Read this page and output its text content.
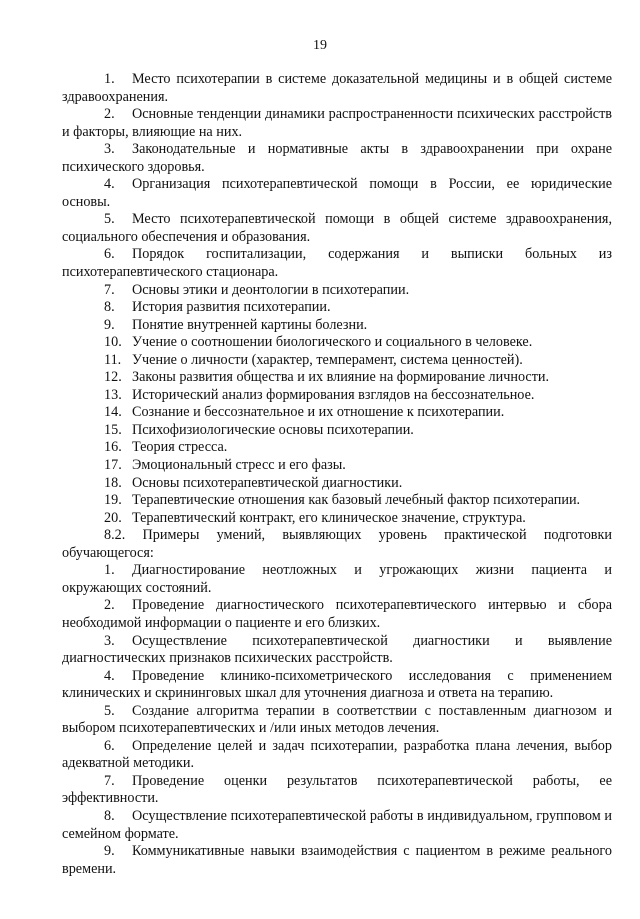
19

1. Место психотерапии в системе доказательной медицины и в общей системе здравоохранения.

2. Основные тенденции динамики распространенности психических расстройств и факторы, влияющие на них.

3. Законодательные и нормативные акты в здравоохранении при охране психического здоровья.

4. Организация психотерапевтической помощи в России, ее юридические основы.

5. Место психотерапевтической помощи в общей системе здравоохранения, социального обеспечения и образования.

6. Порядок госпитализации, содержания и выписки больных из психотерапевтического стационара.

7. Основы этики и деонтологии в психотерапии.

8. История развития психотерапии.

9. Понятие внутренней картины болезни.

10. Учение о соотношении биологического и социального в человеке.

11. Учение о личности (характер, темперамент, система ценностей).

12. Законы развития общества и их влияние на формирование личности.

13. Исторический анализ формирования взглядов на бессознательное.

14. Сознание и бессознательное и их отношение к психотерапии.

15. Психофизиологические основы психотерапии.

16. Теория стресса.

17. Эмоциональный стресс и его фазы.

18. Основы психотерапевтической диагностики.

19. Терапевтические отношения как базовый лечебный фактор психотерапии.

20. Терапевтический контракт, его клиническое значение, структура.

8.2. Примеры умений, выявляющих уровень практической подготовки обучающегося:

1. Диагностирование неотложных и угрожающих жизни пациента и окружающих состояний.

2. Проведение диагностического психотерапевтического интервью и сбора необходимой информации о пациенте и его близких.

3. Осуществление психотерапевтической диагностики и выявление диагностических признаков психических расстройств.

4. Проведение клинико-психометрического исследования с применением клинических и скрининговых шкал для уточнения диагноза и ответа на терапию.

5. Создание алгоритма терапии в соответствии с поставленным диагнозом и выбором психотерапевтических и /или иных методов лечения.

6. Определение целей и задач психотерапии, разработка плана лечения, выбор адекватной методики.

7. Проведение оценки результатов психотерапевтической работы, ее эффективности.

8. Осуществление психотерапевтической работы в индивидуальном, групповом и семейном формате.

9. Коммуникативные навыки взаимодействия с пациентом в режиме реального времени.
